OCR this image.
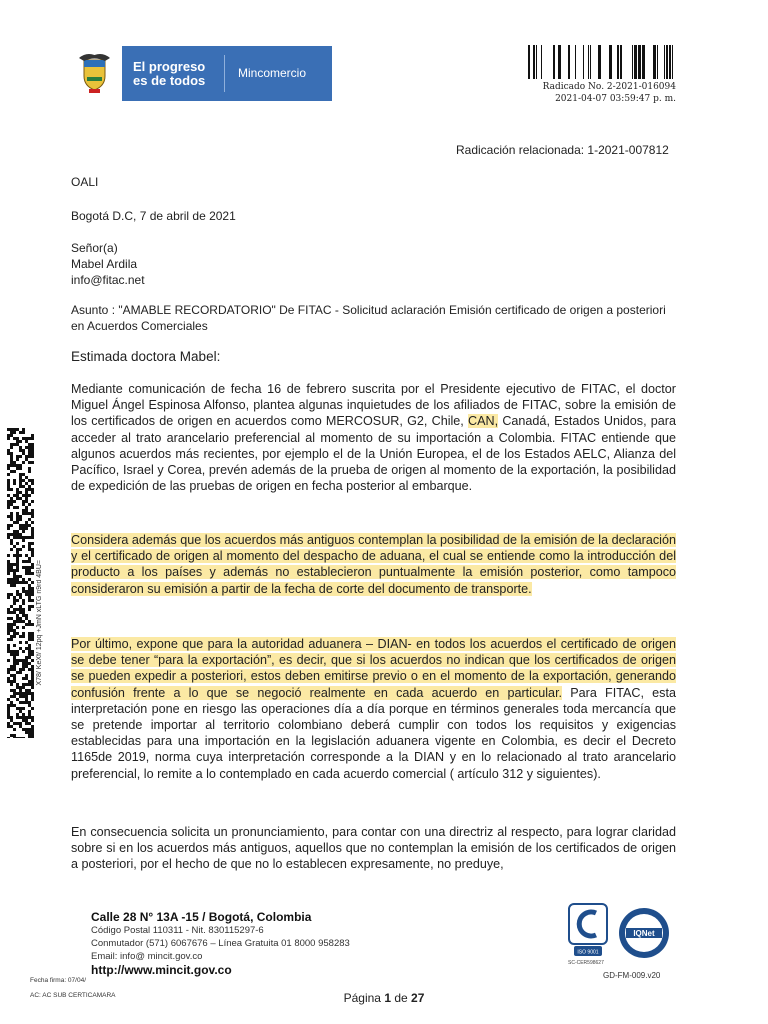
El progreso
es de todos	Mincomercio
Radicado No. 2-2021-016094
2021-04-07 03:59:47 p. m.
X78/ KeXf/ 12pq +JmN xLTG n9rd 4BU=
Radicación relacionada: 1-2021-007812
OALI
Bogotá D.C, 7 de abril de 2021
Señor(a)
Mabel Ardila
info@fitac.net
Asunto : "AMABLE RECORDATORIO" De FITAC - Solicitud aclaración Emisión certificado de origen a posteriori en Acuerdos Comerciales
Estimada doctora Mabel:
Mediante comunicación de fecha 16 de febrero suscrita por el Presidente ejecutivo de FITAC, el doctor Miguel Ángel Espinosa Alfonso, plantea algunas inquietudes de los afiliados de FITAC, sobre la emisión de los certificados de origen en acuerdos como MERCOSUR, G2, Chile, CAN, Canadá, Estados Unidos, para acceder al trato arancelario preferencial al momento de su importación a Colombia. FITAC entiende que algunos acuerdos más recientes, por ejemplo el de la Unión Europea, el de los Estados AELC, Alianza del Pacífico, Israel y Corea, prevén además de la prueba de origen al momento de la exportación, la posibilidad de expedición de las pruebas de origen en fecha posterior al embarque.
Considera además que los acuerdos más antiguos contemplan la posibilidad de la emisión de la declaración y el certificado de origen al momento del despacho de aduana, el cual se entiende como la introducción del producto a los países y además no establecieron puntualmente la emisión posterior, como tampoco consideraron su emisión a partir de la fecha de corte del documento de transporte.
Por último, expone que para la autoridad aduanera – DIAN- en todos los acuerdos el certificado de origen se debe tener “para la exportación”, es decir, que si los acuerdos no indican que los certificados de origen se pueden expedir a posteriori, estos deben emitirse previo o en el momento de la exportación, generando confusión frente a lo que se negoció realmente en cada acuerdo en particular. Para FITAC, esta interpretación pone en riesgo las operaciones día a día porque en términos generales toda mercancía que se pretende importar al territorio colombiano deberá cumplir con todos los requisitos y exigencias establecidas para una importación en la legislación aduanera vigente en Colombia, es decir el Decreto 1165de 2019, norma cuya interpretación corresponde a la DIAN y en lo relacionado al trato arancelario preferencial, lo remite a lo contemplado en cada acuerdo comercial ( artículo 312 y siguientes).
En consecuencia solicita un pronunciamiento, para contar con una directriz al respecto, para lograr claridad sobre si en los acuerdos más antiguos, aquellos que no contemplan la emisión de los certificados de origen a posteriori, por el hecho de que no lo establecen expresamente, no preduye,
Calle 28 N° 13A -15 / Bogotá, Colombia
Código Postal 110311 - Nit. 830115297-6
Conmutador (571) 6067676 – Línea Gratuita 01 8000 958283
Email: info@ mincit.gov.co
http://www.mincit.gov.co
ISO 9001
SC-CER598627
IQNet
GD-FM-009.v20
Fecha firma: 07/04/
AC: AC SUB CERTICAMARA	Página 1 de 27
